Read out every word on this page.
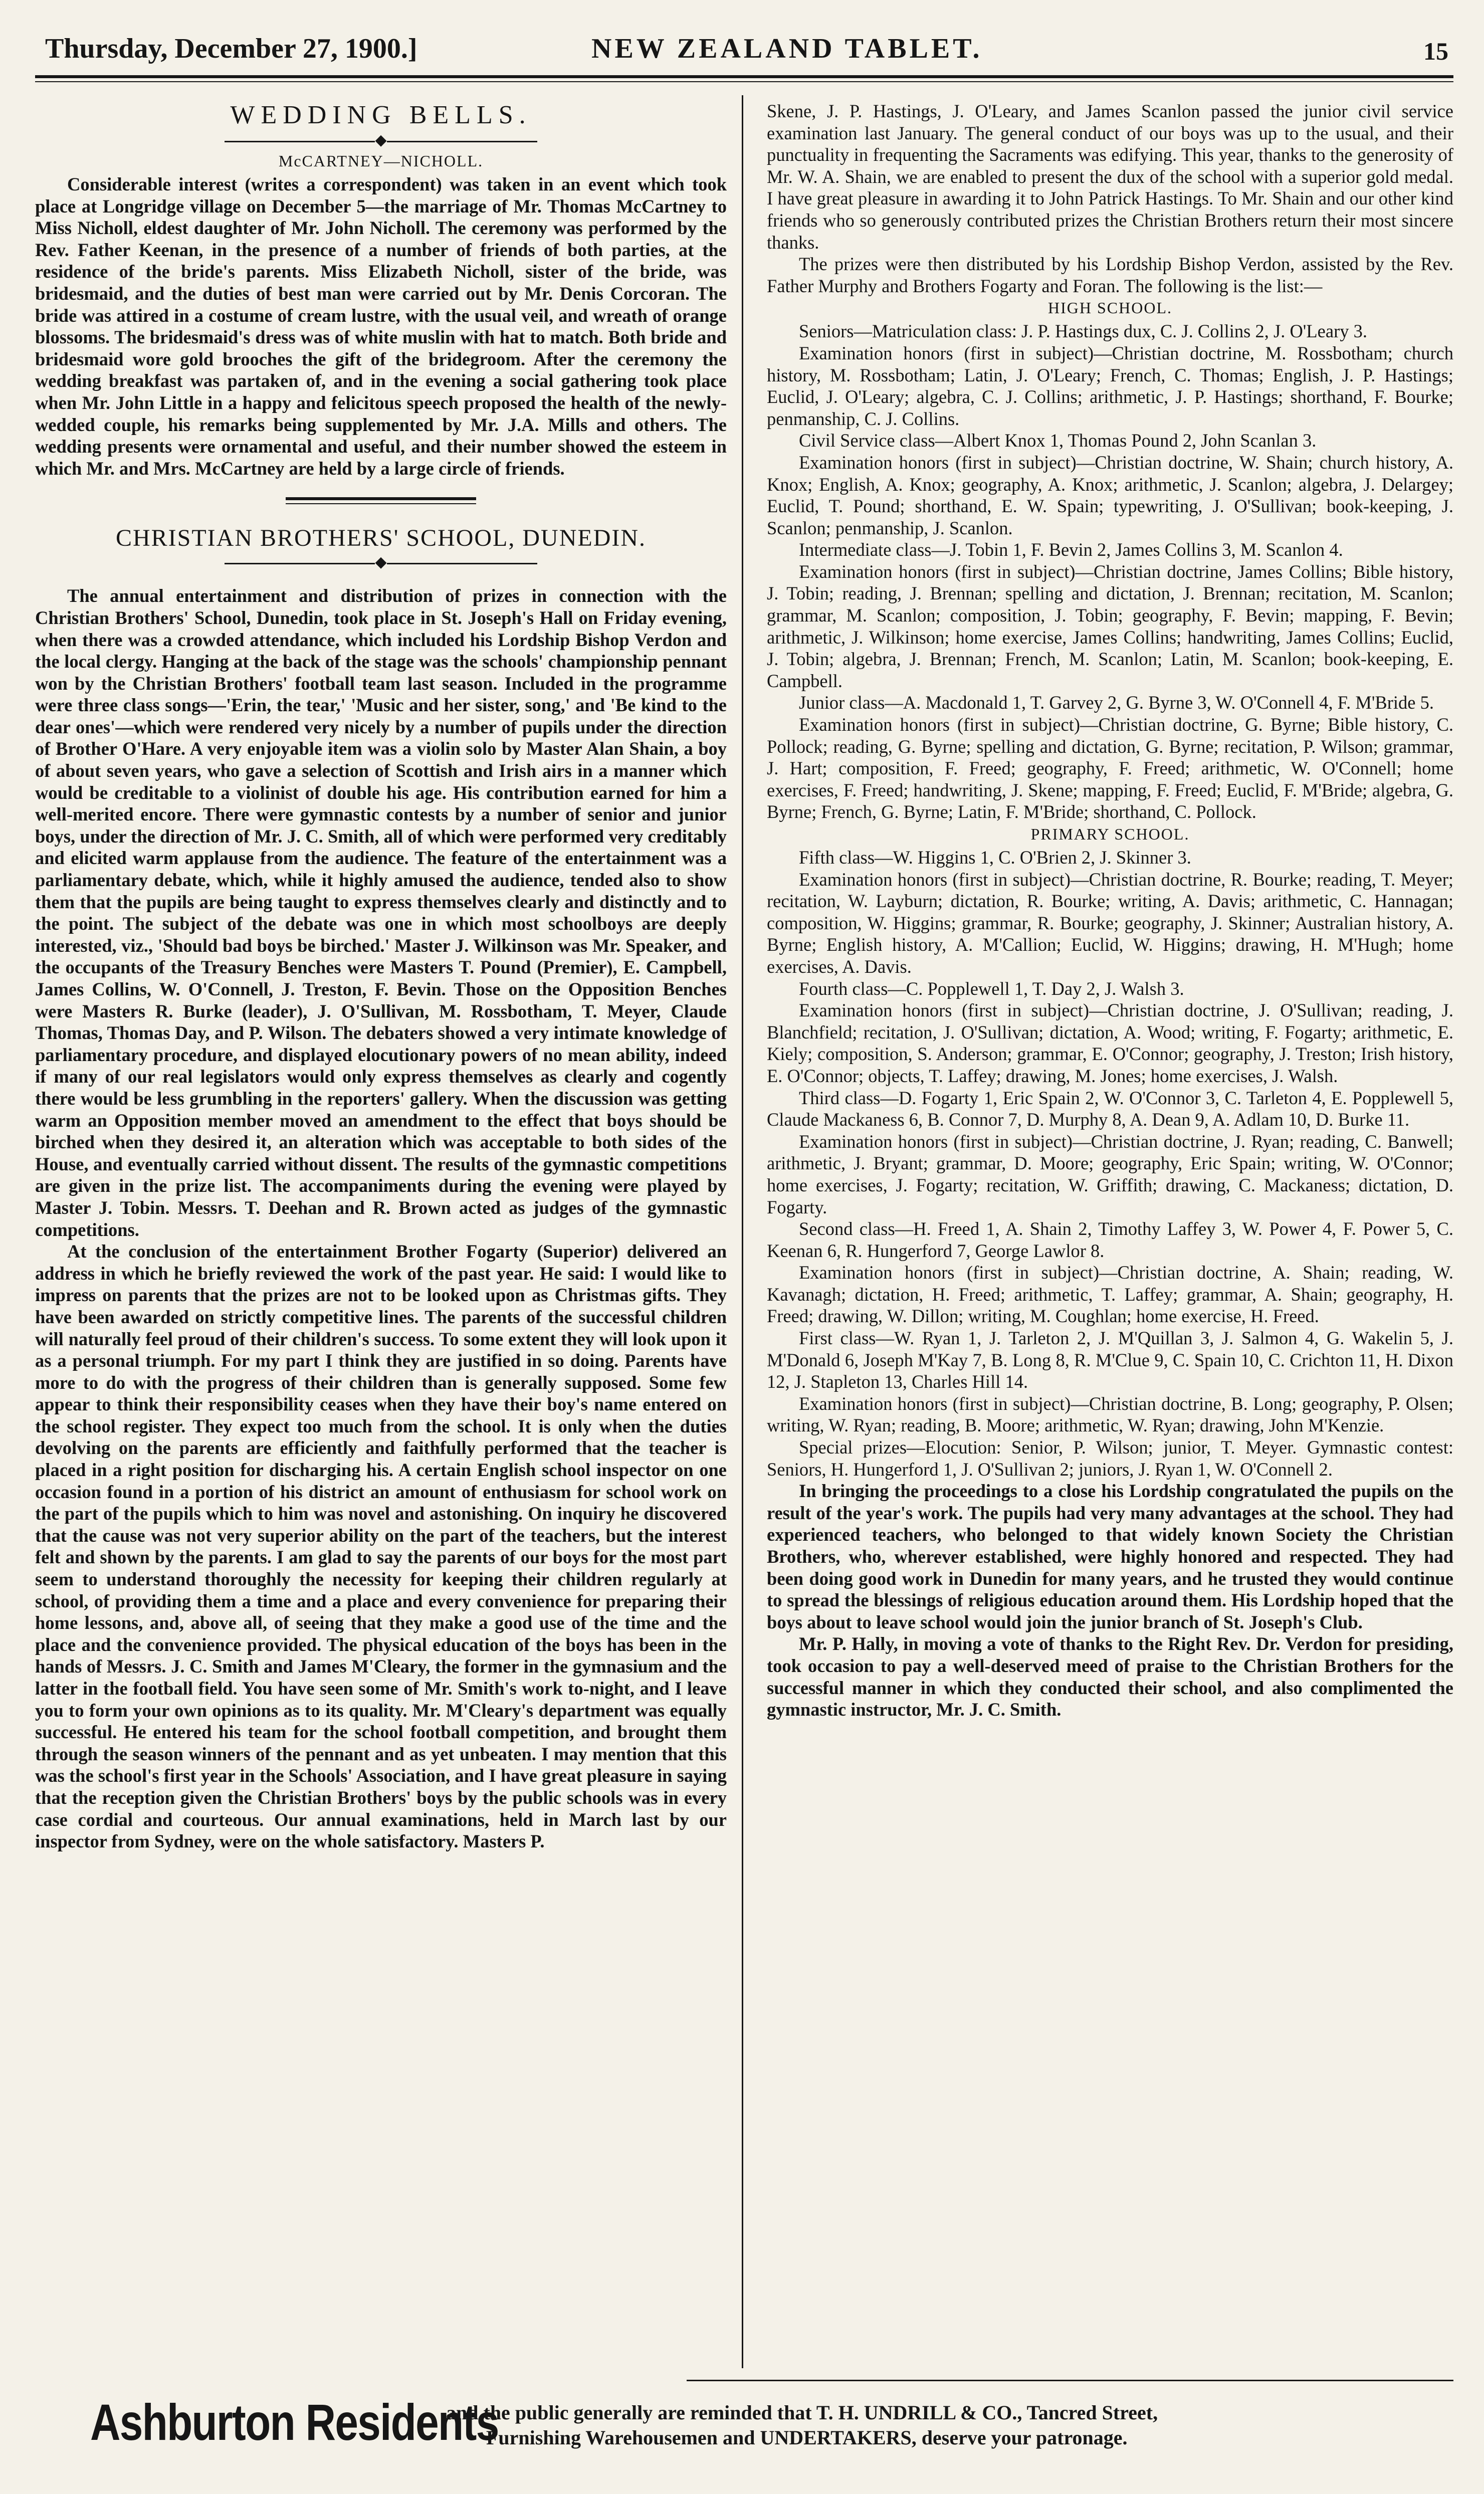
Thursday, December 27, 1900.]	NEW ZEALAND TABLET.	15
WEDDING BELLS.
◆
McCARTNEY—NICHOLL.

Considerable interest (writes a correspondent) was taken in an event which took place at Longridge village on December 5—the marriage of Mr. Thomas McCartney to Miss Nicholl, eldest daughter of Mr. John Nicholl. The ceremony was performed by the Rev. Father Keenan, in the presence of a number of friends of both parties, at the residence of the bride's parents. Miss Elizabeth Nicholl, sister of the bride, was bridesmaid, and the duties of best man were carried out by Mr. Denis Corcoran. The bride was attired in a costume of cream lustre, with the usual veil, and wreath of orange blossoms. The bridesmaid's dress was of white muslin with hat to match. Both bride and bridesmaid wore gold brooches the gift of the bridegroom. After the ceremony the wedding breakfast was partaken of, and in the evening a social gathering took place when Mr. John Little in a happy and felicitous speech proposed the health of the newly-wedded couple, his remarks being supplemented by Mr. J.A. Mills and others. The wedding presents were ornamental and useful, and their number showed the esteem in which Mr. and Mrs. McCartney are held by a large circle of friends.

CHRISTIAN BROTHERS' SCHOOL, DUNEDIN.
◆

The annual entertainment and distribution of prizes in connection with the Christian Brothers' School, Dunedin, took place in St. Joseph's Hall on Friday evening, when there was a crowded attendance, which included his Lordship Bishop Verdon and the local clergy. Hanging at the back of the stage was the schools' championship pennant won by the Christian Brothers' football team last season. Included in the programme were three class songs—'Erin, the tear,' 'Music and her sister, song,' and 'Be kind to the dear ones'—which were rendered very nicely by a number of pupils under the direction of Brother O'Hare. A very enjoyable item was a violin solo by Master Alan Shain, a boy of about seven years, who gave a selection of Scottish and Irish airs in a manner which would be creditable to a violinist of double his age. His contribution earned for him a well-merited encore. There were gymnastic contests by a number of senior and junior boys, under the direction of Mr. J. C. Smith, all of which were performed very creditably and elicited warm applause from the audience. The feature of the entertainment was a parliamentary debate, which, while it highly amused the audience, tended also to show them that the pupils are being taught to express themselves clearly and distinctly and to the point. The subject of the debate was one in which most schoolboys are deeply interested, viz., 'Should bad boys be birched.' Master J. Wilkinson was Mr. Speaker, and the occupants of the Treasury Benches were Masters T. Pound (Premier), E. Campbell, James Collins, W. O'Connell, J. Treston, F. Bevin. Those on the Opposition Benches were Masters R. Burke (leader), J. O'Sullivan, M. Rossbotham, T. Meyer, Claude Thomas, Thomas Day, and P. Wilson. The debaters showed a very intimate knowledge of parliamentary procedure, and displayed elocutionary powers of no mean ability, indeed if many of our real legislators would only express themselves as clearly and cogently there would be less grumbling in the reporters' gallery. When the discussion was getting warm an Opposition member moved an amendment to the effect that boys should be birched when they desired it, an alteration which was acceptable to both sides of the House, and eventually carried without dissent. The results of the gymnastic competitions are given in the prize list. The accompaniments during the evening were played by Master J. Tobin. Messrs. T. Deehan and R. Brown acted as judges of the gymnastic competitions.

At the conclusion of the entertainment Brother Fogarty (Superior) delivered an address in which he briefly reviewed the work of the past year. He said: I would like to impress on parents that the prizes are not to be looked upon as Christmas gifts. They have been awarded on strictly competitive lines. The parents of the successful children will naturally feel proud of their children's success. To some extent they will look upon it as a personal triumph. For my part I think they are justified in so doing. Parents have more to do with the progress of their children than is generally supposed. Some few appear to think their responsibility ceases when they have their boy's name entered on the school register. They expect too much from the school. It is only when the duties devolving on the parents are efficiently and faithfully performed that the teacher is placed in a right position for discharging his. A certain English school inspector on one occasion found in a portion of his district an amount of enthusiasm for school work on the part of the pupils which to him was novel and astonishing. On inquiry he discovered that the cause was not very superior ability on the part of the teachers, but the interest felt and shown by the parents. I am glad to say the parents of our boys for the most part seem to understand thoroughly the necessity for keeping their children regularly at school, of providing them a time and a place and every convenience for preparing their home lessons, and, above all, of seeing that they make a good use of the time and the place and the convenience provided. The physical education of the boys has been in the hands of Messrs. J. C. Smith and James M'Cleary, the former in the gymnasium and the latter in the football field. You have seen some of Mr. Smith's work to-night, and I leave you to form your own opinions as to its quality. Mr. M'Cleary's department was equally successful. He entered his team for the school football competition, and brought them through the season winners of the pennant and as yet unbeaten. I may mention that this was the school's first year in the Schools' Association, and I have great pleasure in saying that the reception given the Christian Brothers' boys by the public schools was in every case cordial and courteous. Our annual examinations, held in March last by our inspector from Sydney, were on the whole satisfactory. Masters P.

Skene, J. P. Hastings, J. O'Leary, and James Scanlon passed the junior civil service examination last January. The general conduct of our boys was up to the usual, and their punctuality in frequenting the Sacraments was edifying. This year, thanks to the generosity of Mr. W. A. Shain, we are enabled to present the dux of the school with a superior gold medal. I have great pleasure in awarding it to John Patrick Hastings. To Mr. Shain and our other kind friends who so generously contributed prizes the Christian Brothers return their most sincere thanks.

The prizes were then distributed by his Lordship Bishop Verdon, assisted by the Rev. Father Murphy and Brothers Fogarty and Foran. The following is the list:—

HIGH SCHOOL.

Seniors—Matriculation class: J. P. Hastings dux, C. J. Collins 2, J. O'Leary 3.

Examination honors (first in subject)—Christian doctrine, M. Rossbotham; church history, M. Rossbotham; Latin, J. O'Leary; French, C. Thomas; English, J. P. Hastings; Euclid, J. O'Leary; algebra, C. J. Collins; arithmetic, J. P. Hastings; shorthand, F. Bourke; penmanship, C. J. Collins.

Civil Service class—Albert Knox 1, Thomas Pound 2, John Scanlan 3.

Examination honors (first in subject)—Christian doctrine, W. Shain; church history, A. Knox; English, A. Knox; geography, A. Knox; arithmetic, J. Scanlon; algebra, J. Delargey; Euclid, T. Pound; shorthand, E. W. Spain; typewriting, J. O'Sullivan; book-keeping, J. Scanlon; penmanship, J. Scanlon.

Intermediate class—J. Tobin 1, F. Bevin 2, James Collins 3, M. Scanlon 4.

Examination honors (first in subject)—Christian doctrine, James Collins; Bible history, J. Tobin; reading, J. Brennan; spelling and dictation, J. Brennan; recitation, M. Scanlon; grammar, M. Scanlon; composition, J. Tobin; geography, F. Bevin; mapping, F. Bevin; arithmetic, J. Wilkinson; home exercise, James Collins; handwriting, James Collins; Euclid, J. Tobin; algebra, J. Brennan; French, M. Scanlon; Latin, M. Scanlon; book-keeping, E. Campbell.

Junior class—A. Macdonald 1, T. Garvey 2, G. Byrne 3, W. O'Connell 4, F. M'Bride 5.

Examination honors (first in subject)—Christian doctrine, G. Byrne; Bible history, C. Pollock; reading, G. Byrne; spelling and dictation, G. Byrne; recitation, P. Wilson; grammar, J. Hart; composition, F. Freed; geography, F. Freed; arithmetic, W. O'Connell; home exercises, F. Freed; handwriting, J. Skene; mapping, F. Freed; Euclid, F. M'Bride; algebra, G. Byrne; French, G. Byrne; Latin, F. M'Bride; shorthand, C. Pollock.

PRIMARY SCHOOL.

Fifth class—W. Higgins 1, C. O'Brien 2, J. Skinner 3.

Examination honors (first in subject)—Christian doctrine, R. Bourke; reading, T. Meyer; recitation, W. Layburn; dictation, R. Bourke; writing, A. Davis; arithmetic, C. Hannagan; composition, W. Higgins; grammar, R. Bourke; geography, J. Skinner; Australian history, A. Byrne; English history, A. M'Callion; Euclid, W. Higgins; drawing, H. M'Hugh; home exercises, A. Davis.

Fourth class—C. Popplewell 1, T. Day 2, J. Walsh 3.

Examination honors (first in subject)—Christian doctrine, J. O'Sullivan; reading, J. Blanchfield; recitation, J. O'Sullivan; dictation, A. Wood; writing, F. Fogarty; arithmetic, E. Kiely; composition, S. Anderson; grammar, E. O'Connor; geography, J. Treston; Irish history, E. O'Connor; objects, T. Laffey; drawing, M. Jones; home exercises, J. Walsh.

Third class—D. Fogarty 1, Eric Spain 2, W. O'Connor 3, C. Tarleton 4, E. Popplewell 5, Claude Mackaness 6, B. Connor 7, D. Murphy 8, A. Dean 9, A. Adlam 10, D. Burke 11.

Examination honors (first in subject)—Christian doctrine, J. Ryan; reading, C. Banwell; arithmetic, J. Bryant; grammar, D. Moore; geography, Eric Spain; writing, W. O'Connor; home exercises, J. Fogarty; recitation, W. Griffith; drawing, C. Mackaness; dictation, D. Fogarty.

Second class—H. Freed 1, A. Shain 2, Timothy Laffey 3, W. Power 4, F. Power 5, C. Keenan 6, R. Hungerford 7, George Lawlor 8.

Examination honors (first in subject)—Christian doctrine, A. Shain; reading, W. Kavanagh; dictation, H. Freed; arithmetic, T. Laffey; grammar, A. Shain; geography, H. Freed; drawing, W. Dillon; writing, M. Coughlan; home exercise, H. Freed.

First class—W. Ryan 1, J. Tarleton 2, J. M'Quillan 3, J. Salmon 4, G. Wakelin 5, J. M'Donald 6, Joseph M'Kay 7, B. Long 8, R. M'Clue 9, C. Spain 10, C. Crichton 11, H. Dixon 12, J. Stapleton 13, Charles Hill 14.

Examination honors (first in subject)—Christian doctrine, B. Long; geography, P. Olsen; writing, W. Ryan; reading, B. Moore; arithmetic, W. Ryan; drawing, John M'Kenzie.

Special prizes—Elocution: Senior, P. Wilson; junior, T. Meyer. Gymnastic contest: Seniors, H. Hungerford 1, J. O'Sullivan 2; juniors, J. Ryan 1, W. O'Connell 2.

In bringing the proceedings to a close his Lordship congratulated the pupils on the result of the year's work. The pupils had very many advantages at the school. They had experienced teachers, who belonged to that widely known Society the Christian Brothers, who, wherever established, were highly honored and respected. They had been doing good work in Dunedin for many years, and he trusted they would continue to spread the blessings of religious education around them. His Lordship hoped that the boys about to leave school would join the junior branch of St. Joseph's Club.

Mr. P. Hally, in moving a vote of thanks to the Right Rev. Dr. Verdon for presiding, took occasion to pay a well-deserved meed of praise to the Christian Brothers for the successful manner in which they conducted their school, and also complimented the gymnastic instructor, Mr. J. C. Smith.

Ashburton Residents
and the public generally are reminded that T. H. UNDRILL & CO., Tancred Street,
Furnishing Warehousemen and UNDERTAKERS, deserve your patronage.
